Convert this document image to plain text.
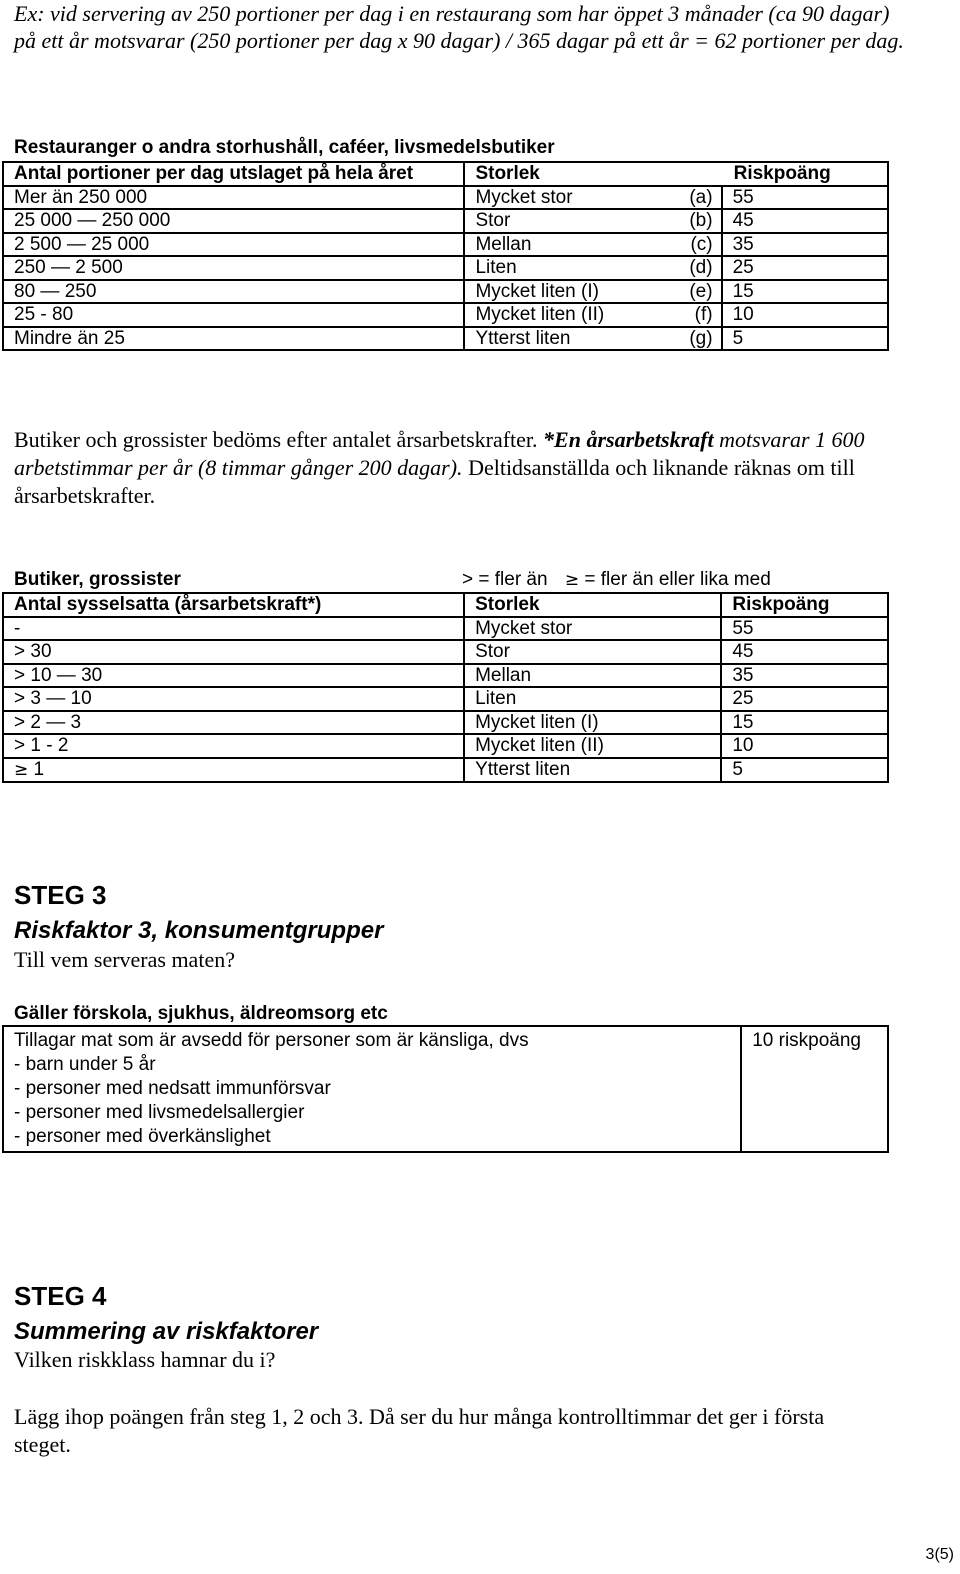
Ex: vid servering av 250 portioner per dag i en restaurang som har öppet 3 månader (ca 90 dagar) på ett år motsvarar (250 portioner per dag x 90 dagar) / 365 dagar på ett år = 62 portioner per dag.
Restauranger o andra storhushåll, caféer, livsmedelsbutiker
Antal portioner per dag utslaget på hela året	Storlek		Riskpoäng
Mer än 250 000	Mycket stor	(a)	55
25 000 — 250 000	Stor	(b)	45
2 500 — 25 000	Mellan	(c)	35
250 — 2 500	Liten	(d)	25
80 — 250	Mycket liten (I)	(e)	15
25 - 80	Mycket liten (II)	(f)	10
Mindre än 25	Ytterst liten	(g)	5
Butiker och grossister bedöms efter antalet årsarbetskrafter. *En årsarbetskraft motsvarar 1 600 arbetstimmar per år (8 timmar gånger 200 dagar). Deltidsanställda och liknande räknas om till årsarbetskrafter.
Butiker, grossister	> = fler än ≥ = fler än eller lika med
Antal sysselsatta (årsarbetskraft*)	Storlek	Riskpoäng
-	Mycket stor	55
> 30	Stor	45
> 10 — 30	Mellan	35
> 3 — 10	Liten	25
> 2 — 3	Mycket liten (I)	15
> 1 - 2	Mycket liten (II)	10
≥ 1	Ytterst liten	5
STEG 3
Riskfaktor 3, konsumentgrupper
Till vem serveras maten?
Gäller förskola, sjukhus, äldreomsorg etc
Tillagar mat som är avsedd för personer som är känsliga, dvs
- barn under 5 år
- personer med nedsatt immunförsvar
- personer med livsmedelsallergier
- personer med överkänslighet
	10 riskpoäng
STEG 4
Summering av riskfaktorer
Vilken riskklass hamnar du i?
Lägg ihop poängen från steg 1, 2 och 3. Då ser du hur många kontrolltimmar det ger i första steget.
3(5)
